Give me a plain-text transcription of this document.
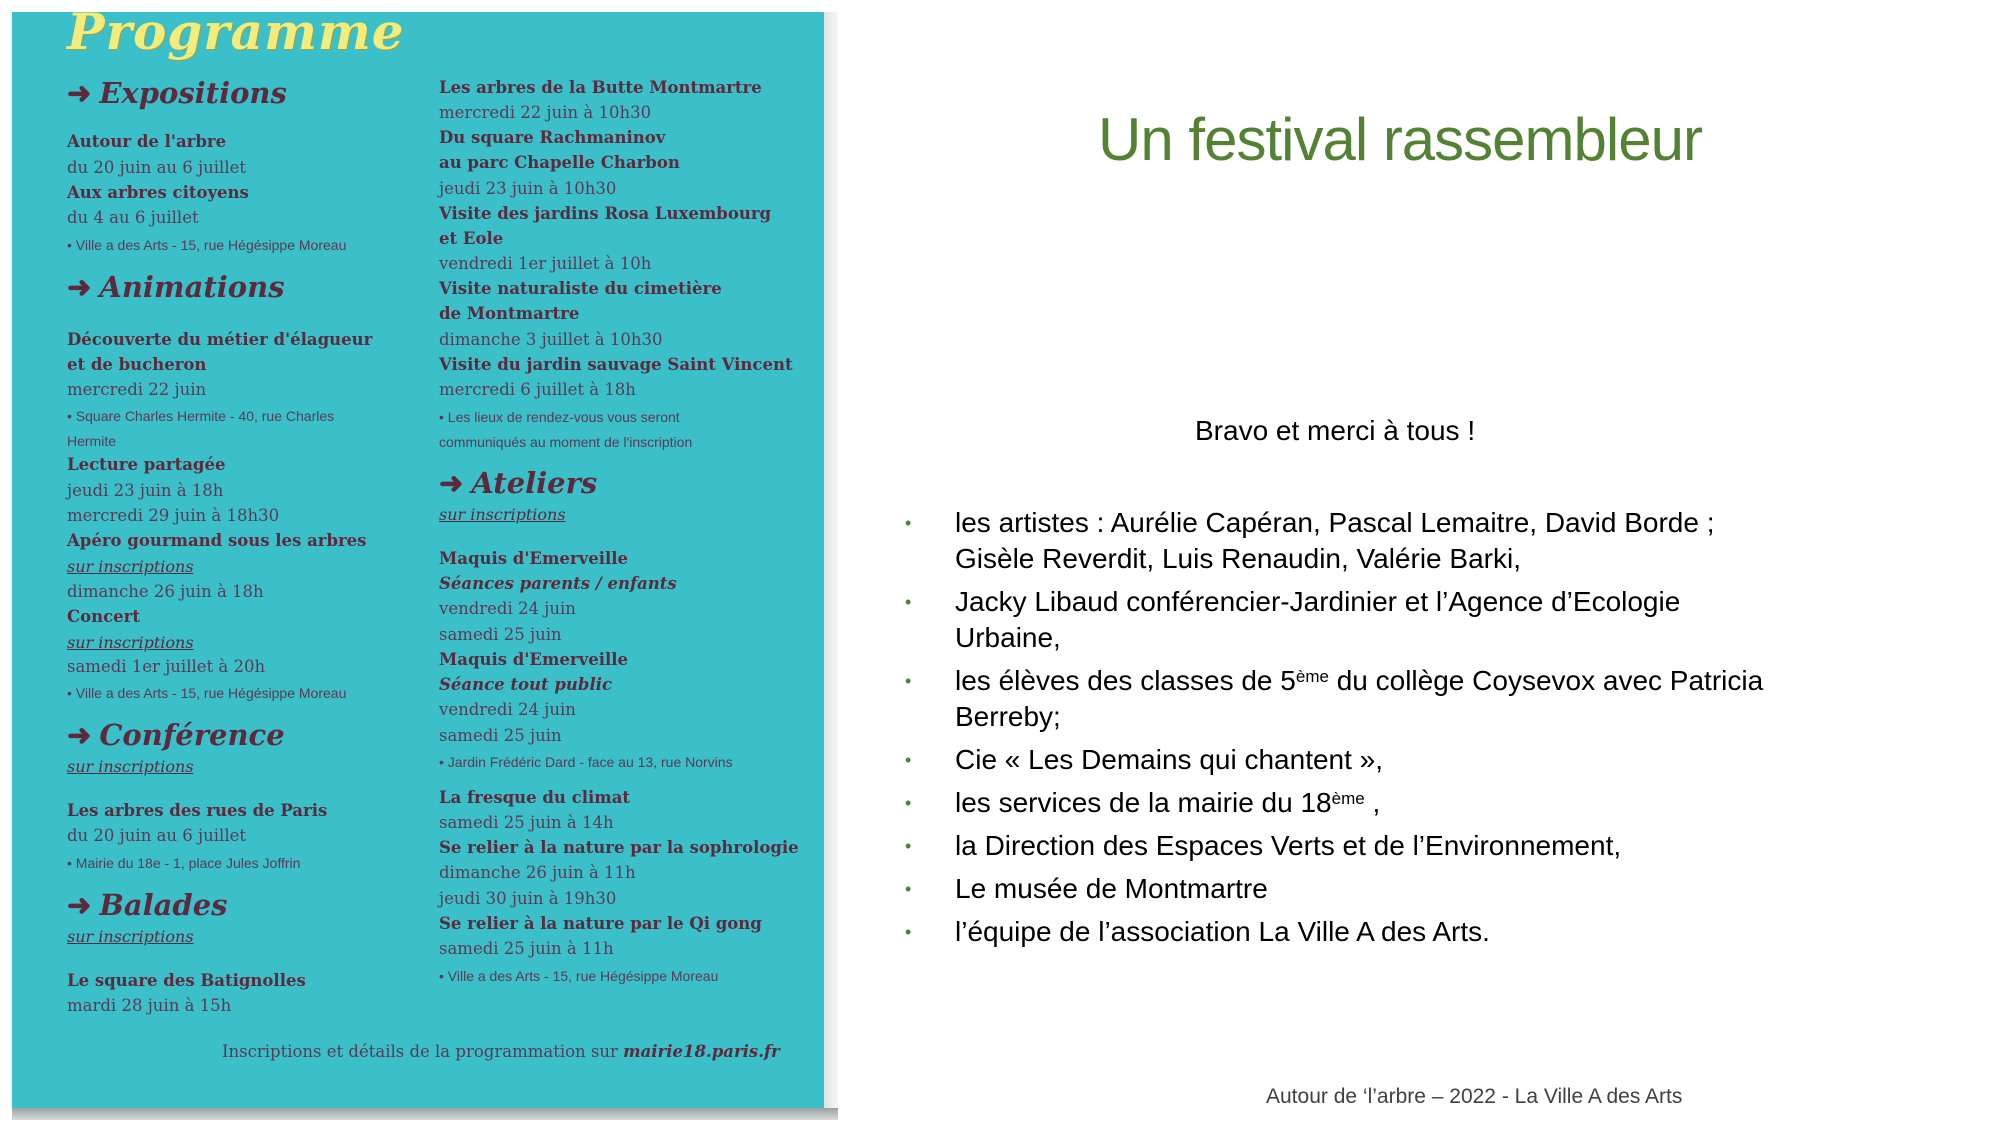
Programme
➜ Expositions
Autour de l'arbre
du 20 juin au 6 juillet
Aux arbres citoyens
du 4 au 6 juillet
• Ville a des Arts - 15, rue Hégésippe Moreau
➜ Animations
Découverte du métier d'élagueur
et de bucheron
mercredi 22 juin
• Square Charles Hermite - 40, rue Charles
Hermite
Lecture partagée
jeudi 23 juin à 18h
mercredi 29 juin à 18h30
Apéro gourmand sous les arbres
sur inscriptions
dimanche 26 juin à 18h
Concert
sur inscriptions
samedi 1er juillet à 20h
• Ville a des Arts - 15, rue Hégésippe Moreau
➜ Conférence
sur inscriptions
Les arbres des rues de Paris
du 20 juin au 6 juillet
• Mairie du 18e - 1, place Jules Joffrin
➜ Balades
sur inscriptions
Le square des Batignolles
mardi 28 juin à 15h
Les arbres de la Butte Montmartre
mercredi 22 juin à 10h30
Du square Rachmaninov
au parc Chapelle Charbon
jeudi 23 juin à 10h30
Visite des jardins Rosa Luxembourg
et Eole
vendredi 1er juillet à 10h
Visite naturaliste du cimetière
de Montmartre
dimanche 3 juillet à 10h30
Visite du jardin sauvage Saint Vincent
mercredi 6 juillet à 18h
• Les lieux de rendez-vous vous seront
communiqués au moment de l'inscription
➜ Ateliers
sur inscriptions
Maquis d'Emerveille
Séances parents / enfants
vendredi 24 juin
samedi 25 juin
Maquis d'Emerveille
Séance tout public
vendredi 24 juin
samedi 25 juin
• Jardin Frédéric Dard - face au 13, rue Norvins
La fresque du climat
samedi 25 juin à 14h
Se relier à la nature par la sophrologie
dimanche 26 juin à 11h
jeudi 30 juin à 19h30
Se relier à la nature par le Qi gong
samedi 25 juin à 11h
• Ville a des Arts - 15, rue Hégésippe Moreau
Inscriptions et détails de la programmation sur mairie18.paris.fr
Un festival rassembleur
Bravo et merci à tous !
• les artistes : Aurélie Capéran, Pascal Lemaitre, David Borde ;
Gisèle Reverdit, Luis Renaudin, Valérie Barki,
• Jacky Libaud conférencier-Jardinier et l’Agence d’Ecologie
Urbaine,
• les élèves des classes de 5ème du collège Coysevox avec Patricia
Berreby;
• Cie « Les Demains qui chantent »,
• les services de la mairie du 18ème ,
• la Direction des Espaces Verts et de l’Environnement,
• Le musée de Montmartre
• l’équipe de l’association La Ville A des Arts.
Autour de ‘l’arbre – 2022 - La Ville A des Arts
